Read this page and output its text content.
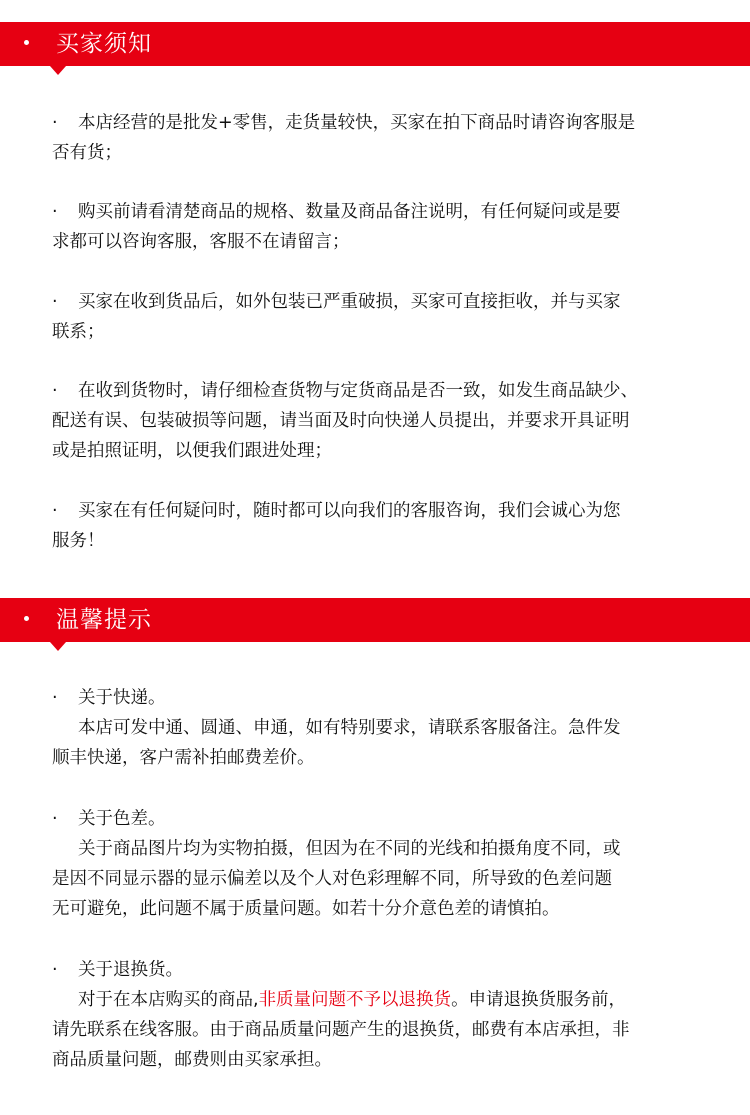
买家须知
· 本店经营的是批发+零售，走货量较快，买家在拍下商品时请咨询客服是
否有货；
· 购买前请看清楚商品的规格、数量及商品备注说明，有任何疑问或是要
求都可以咨询客服，客服不在请留言；
· 买家在收到货品后，如外包装已严重破损，买家可直接拒收，并与买家
联系；
· 在收到货物时，请仔细检查货物与定货商品是否一致，如发生商品缺少、
配送有误、包装破损等问题，请当面及时向快递人员提出，并要求开具证明
或是拍照证明，以便我们跟进处理；
· 买家在有任何疑问时，随时都可以向我们的客服咨询，我们会诚心为您
服务！
温馨提示
· 关于快递。
本店可发中通、圆通、申通，如有特别要求，请联系客服备注。急件发
顺丰快递，客户需补拍邮费差价。
· 关于色差。
关于商品图片均为实物拍摄，但因为在不同的光线和拍摄角度不同，或
是因不同显示器的显示偏差以及个人对色彩理解不同，所导致的色差问题
无可避免，此问题不属于质量问题。如若十分介意色差的请慎拍。
· 关于退换货。
对于在本店购买的商品,非质量问题不予以退换货。申请退换货服务前，
请先联系在线客服。由于商品质量问题产生的退换货，邮费有本店承担，非
商品质量问题，邮费则由买家承担。
